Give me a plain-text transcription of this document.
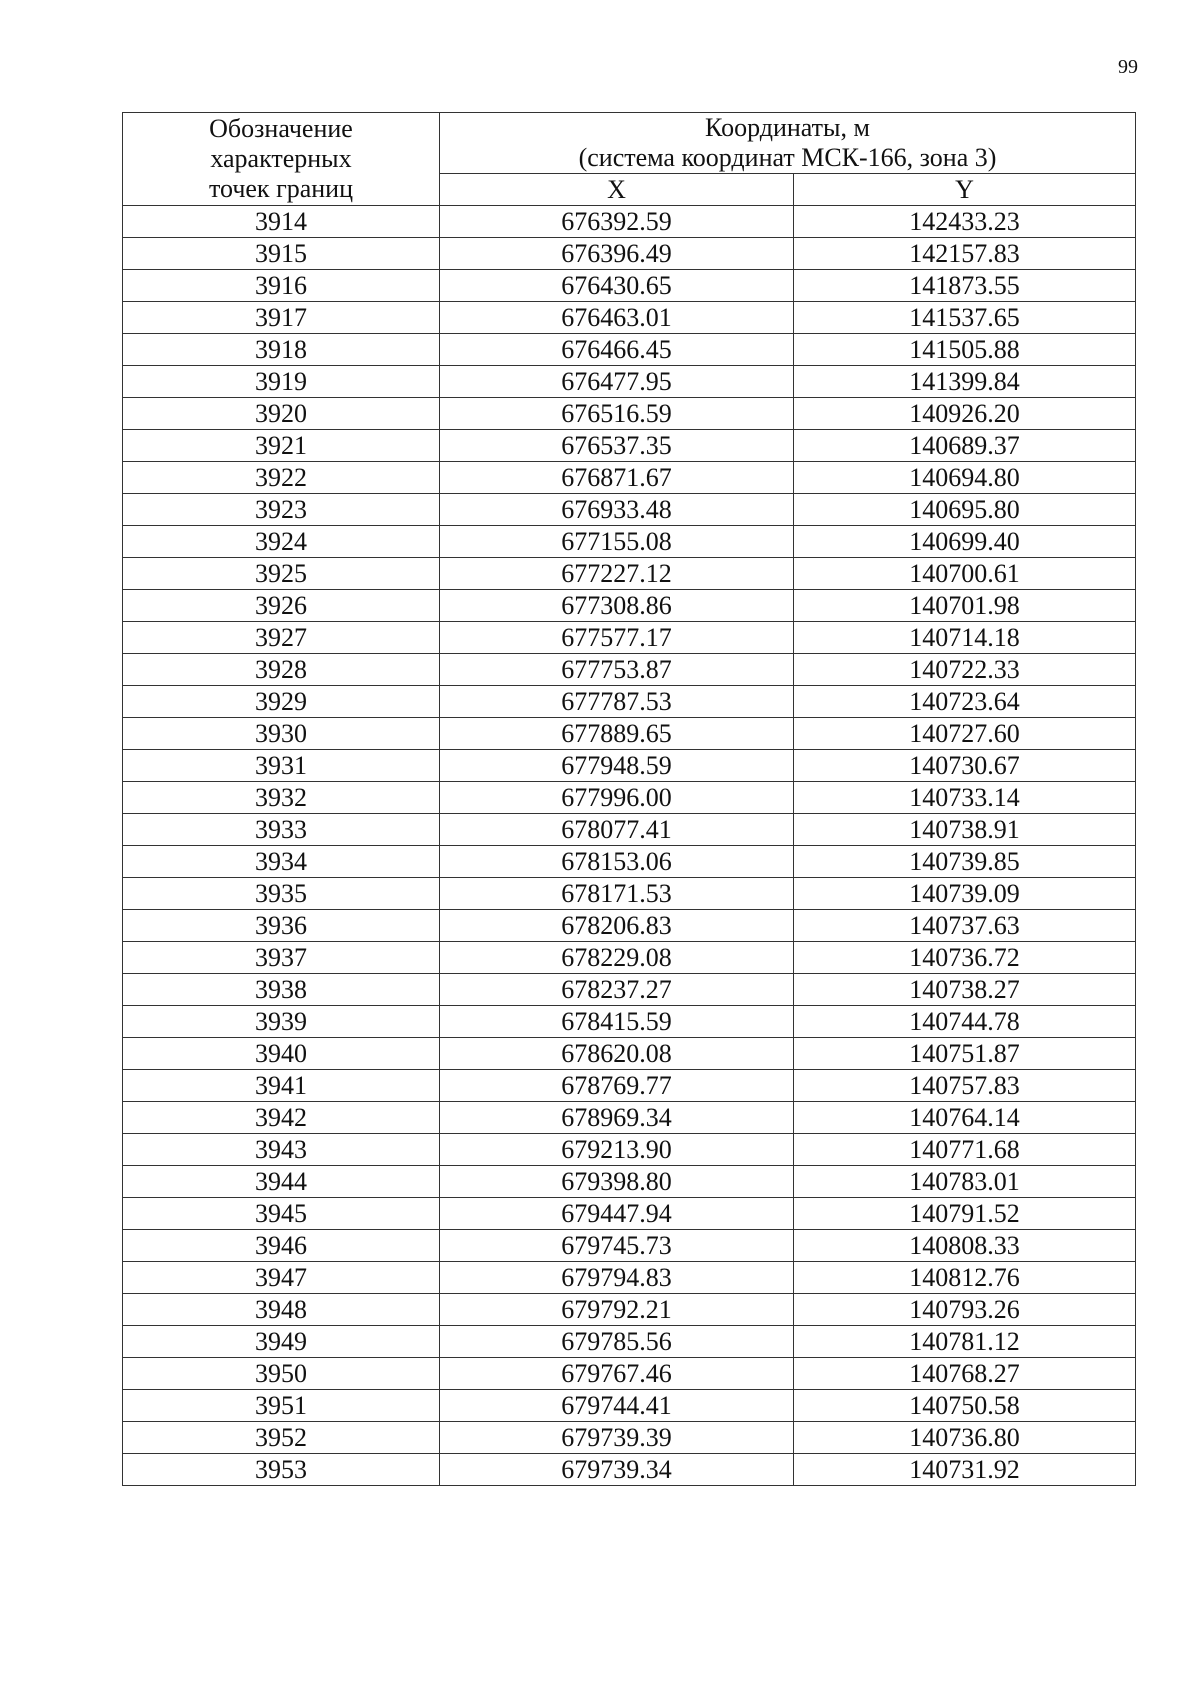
99
Обозначение
характерных
точек границ	Координаты, м
(система координат МСК-166, зона 3)	

	X	Y
3914	676392.59	142433.23
3915	676396.49	142157.83
3916	676430.65	141873.55
3917	676463.01	141537.65
3918	676466.45	141505.88
3919	676477.95	141399.84
3920	676516.59	140926.20
3921	676537.35	140689.37
3922	676871.67	140694.80
3923	676933.48	140695.80
3924	677155.08	140699.40
3925	677227.12	140700.61
3926	677308.86	140701.98
3927	677577.17	140714.18
3928	677753.87	140722.33
3929	677787.53	140723.64
3930	677889.65	140727.60
3931	677948.59	140730.67
3932	677996.00	140733.14
3933	678077.41	140738.91
3934	678153.06	140739.85
3935	678171.53	140739.09
3936	678206.83	140737.63
3937	678229.08	140736.72
3938	678237.27	140738.27
3939	678415.59	140744.78
3940	678620.08	140751.87
3941	678769.77	140757.83
3942	678969.34	140764.14
3943	679213.90	140771.68
3944	679398.80	140783.01
3945	679447.94	140791.52
3946	679745.73	140808.33
3947	679794.83	140812.76
3948	679792.21	140793.26
3949	679785.56	140781.12
3950	679767.46	140768.27
3951	679744.41	140750.58
3952	679739.39	140736.80
3953	679739.34	140731.92
